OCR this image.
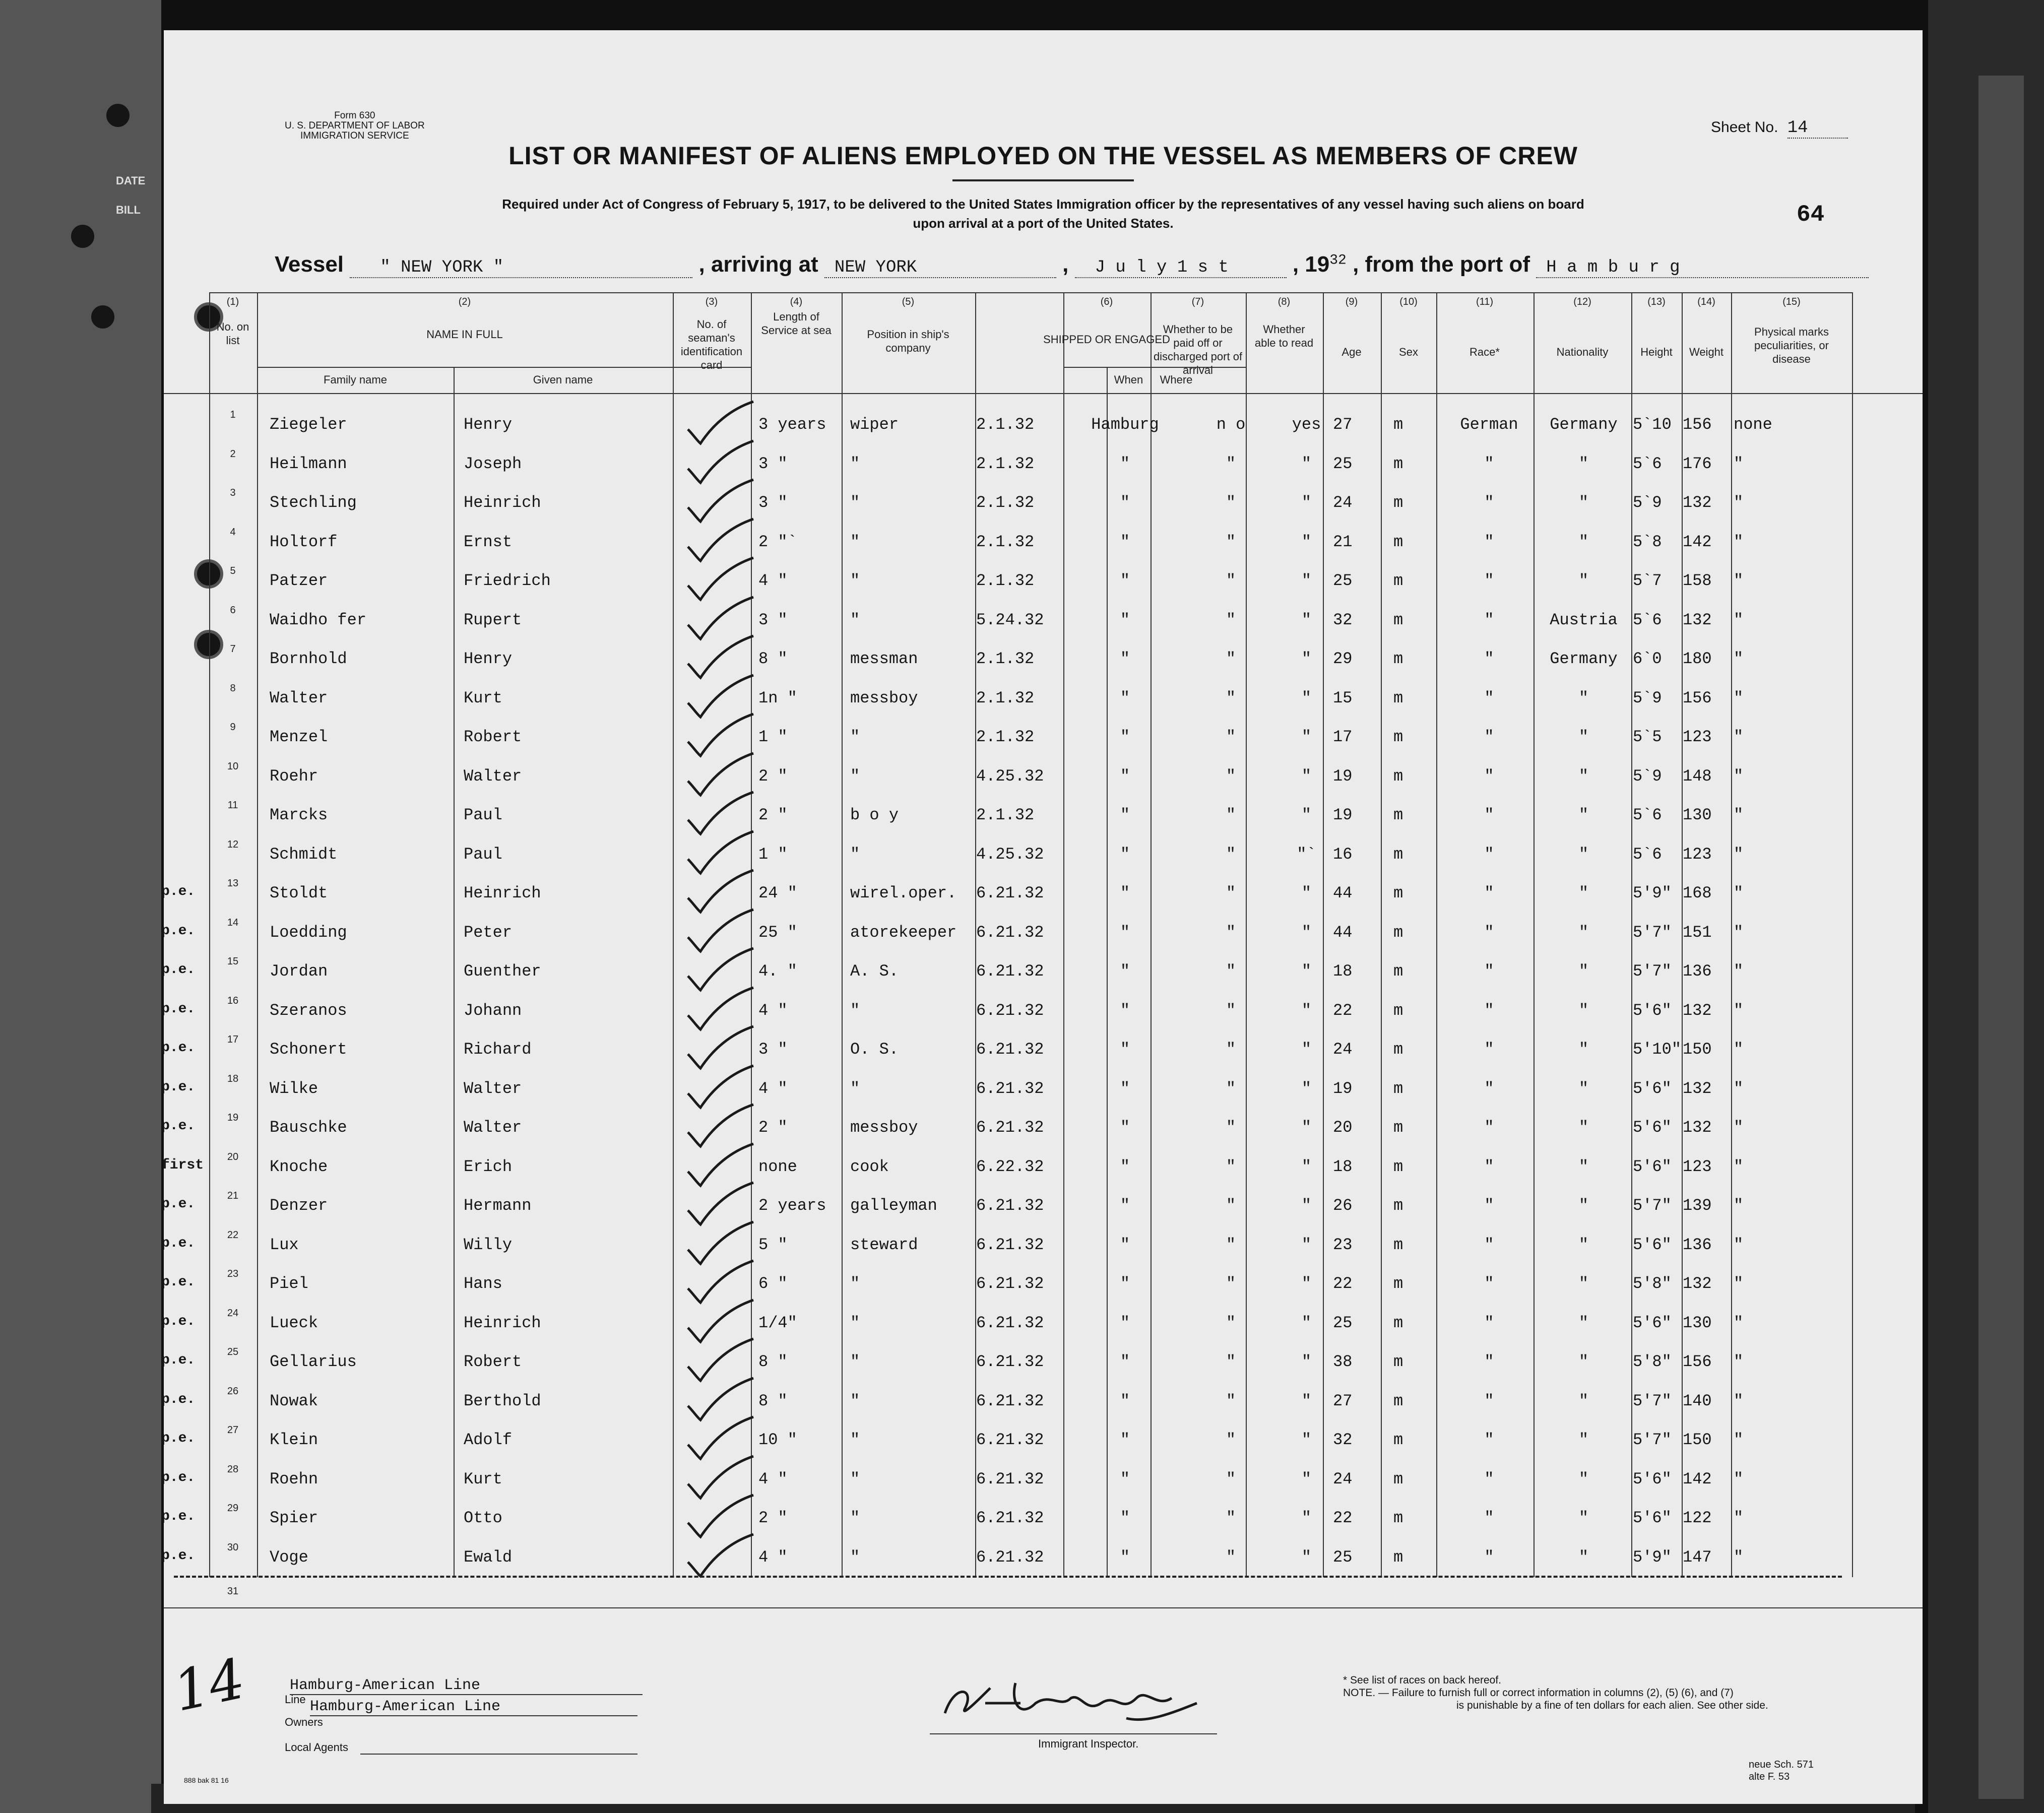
Form 630
U. S. DEPARTMENT OF LABOR
IMMIGRATION SERVICE
Sheet No. 14
64
LIST OR MANIFEST OF ALIENS EMPLOYED ON THE VESSEL AS MEMBERS OF CREW
Required under Act of Congress of February 5, 1917, to be delivered to the United States Immigration officer by the representatives of any vessel having such aliens on board
upon arrival at a port of the United States.
DATE
BILL
Vessel " NEW YORK "	, arriving at NEW YORK	, J u l y 1 s t	, $19^{32}$ , from the port of H a m b u r g
(1)	(2)	(3)	(4)	(5)	(6)	(7)	(8)	(9)	(10)	(11)	(12)	(13)	(14)	(15)
No. on list	NAME IN FULL
Family name	Given name
No. of seaman's identification card
Length of Service at sea	Position in ship's company
SHIPPED OR ENGAGED
When	Where
Whether to be paid off or discharged port of arrival
Whether able to read
Age	Sex	Race*	Nationality	Height	Weight
Physical marks peculiarities, or disease
1
Ziegeler	Henry	3 years wiper	2.1.32	Hamburg	n o	yes 27	m	German	Germany 5`10 156 none
2
Heilmann	Joseph	3 "	"	2.1.32	"	"	"	25	m	"	"	5`6 176 "
3
Stechling	Heinrich	3 "	"	2.1.32	"	"	"	24	m	"	"	5`9 132 "
4
Holtorf	Ernst	2 "`	"	2.1.32	"	"	"	21	m	"	"	5`8 142 "
5
Patzer	Friedrich	4 "	"	2.1.32	"	"	"	25	m	"	"	5`7 158 "
6
Waidho fer	Rupert	3 "	"	5.24.32	"	"	"	32	m	"	Austria 5`6 132 "
7
Bornhold	Henry	8 "	messman	2.1.32	"	"	"	29	m	"	Germany 6`0 180 "
8
Walter	Kurt	1n "	messboy	2.1.32	"	"	"	15	m	"	"	5`9 156 "
9
Menzel	Robert	1 "	"	2.1.32	"	"	"	17	m	"	"	5`5 123 "
10
Roehr	Walter	2 "	"	4.25.32	"	"	"	19	m	"	"	5`9 148 "
11
Marcks	Paul	2 "	b o y	2.1.32	"	"	"	19	m	"	"	5`6 130 "
12
Schmidt	Paul	1 "	"	4.25.32	"	"	"`	16	m	"	"	5`6 123 "
13
p.e.	Stoldt	Heinrich	24 "	wirel.oper. 6.21.32	"	"	"	44	m	"	"	5'9" 168 "
14
p.e.	Loedding	Peter	25 "	atorekeeper 6.21.32	"	"	"	44	m	"	"	5'7" 151 "
15
p.e.	Jordan	Guenther	4. "	A. S.	6.21.32	"	"	"	18	m	"	"	5'7" 136 "
16
p.e.	Szeranos	Johann	4 "	"	6.21.32	"	"	"	22	m	"	"	5'6" 132 "
17
p.e.	Schonert	Richard	3 "	O. S.	6.21.32	"	"	"	24	m	"	"	5'10" 150 "
18
p.e.	Wilke	Walter	4 "	"	6.21.32	"	"	"	19	m	"	"	5'6" 132 "
19
p.e.	Bauschke	Walter	2 "	messboy	6.21.32	"	"	"	20	m	"	"	5'6" 132 "
20
first	Knoche	Erich	none	cook	6.22.32	"	"	"	18	m	"	"	5'6" 123 "
21
p.e.	Denzer	Hermann	2 years galleyman 6.21.32	"	"	"	26	m	"	"	5'7" 139 "
22
p.e.	Lux	Willy	5 "	steward	6.21.32	"	"	"	23	m	"	"	5'6" 136 "
23
p.e.	Piel	Hans	6 "	"	6.21.32	"	"	"	22	m	"	"	5'8" 132 "
24
p.e.	Lueck	Heinrich	1/4"	"	6.21.32	"	"	"	25	m	"	"	5'6" 130 "
25
p.e.	Gellarius	Robert	8 "	"	6.21.32	"	"	"	38	m	"	"	5'8" 156 "
26
p.e.	Nowak	Berthold	8 "	"	6.21.32	"	"	"	27	m	"	"	5'7" 140 "
27
p.e.	Klein	Adolf	10 "	"	6.21.32	"	"	"	32	m	"	"	5'7" 150 "
28
p.e.	Roehn	Kurt	4 "	"	6.21.32	"	"	"	24	m	"	"	5'6" 142 "
29
p.e.	Spier	Otto	2 "	"	6.21.32	"	"	"	22	m	"	"	5'6" 122 "
30
p.e.	Voge	Ewald	4 "	"	6.21.32	"	"	"	25	m	"	"	5'9" 147 "
31
14	Line
Hamburg-American Line
Owners
Hamburg-American Line
Local Agents	Immigrant Inspector.
* See list of races on back hereof.
NOTE. — Failure to furnish full or correct information in columns (2), (5) (6), and (7)
is punishable by a fine of ten dollars for each alien. See other side.
888 bak 81 16
neue Sch. 571
alte F. 53
